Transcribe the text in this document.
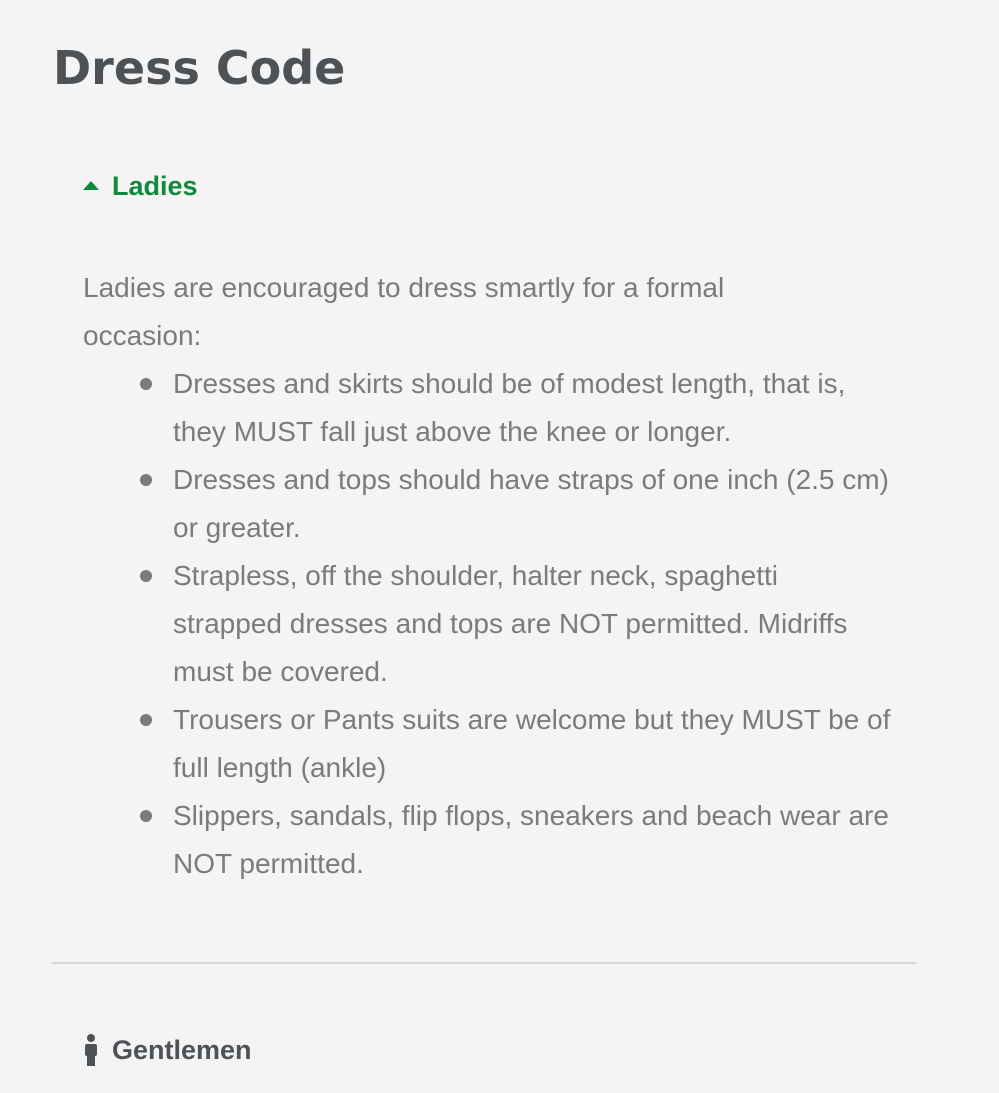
Dress Code
Ladies

Ladies are encouraged to dress smartly for a formal occasion:

Dresses and skirts should be of modest length, that is, they MUST fall just above the knee or longer.
Dresses and tops should have straps of one inch (2.5 cm) or greater.
Strapless, off the shoulder, halter neck, spaghetti strapped dresses and tops are NOT permitted. Midriffs must be covered.
Trousers or Pants suits are welcome but they MUST be of full length (ankle)
Slippers, sandals, flip flops, sneakers and beach wear are NOT permitted.
Gentlemen
